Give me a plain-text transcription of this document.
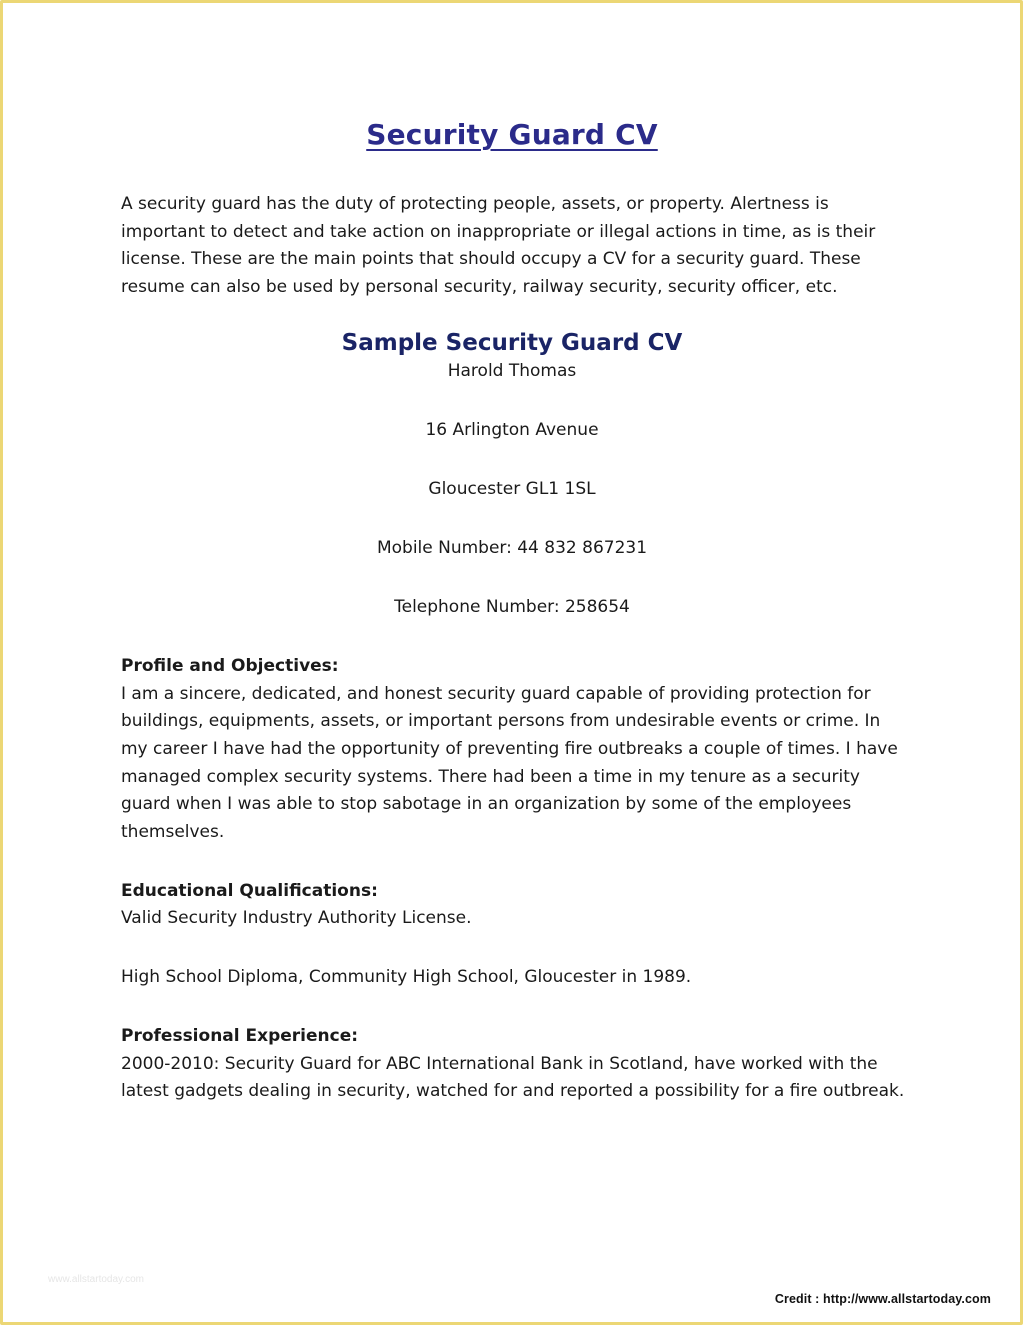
Security Guard CV

A security guard has the duty of protecting people, assets, or property. Alertness is important to detect and take action on inappropriate or illegal actions in time, as is their license. These are the main points that should occupy a CV for a security guard. These resume can also be used by personal security, railway security, security officer, etc.

Sample Security Guard CV
Harold Thomas
16 Arlington Avenue
Gloucester GL1 1SL
Mobile Number: 44 832 867231
Telephone Number: 258654

Profile and Objectives:

I am a sincere, dedicated, and honest security guard capable of providing protection for buildings, equipments, assets, or important persons from undesirable events or crime. In my career I have had the opportunity of preventing fire outbreaks a couple of times. I have managed complex security systems. There had been a time in my tenure as a security guard when I was able to stop sabotage in an organization by some of the employees themselves.

Educational Qualifications:

Valid Security Industry Authority License.

High School Diploma, Community High School, Gloucester in 1989.

Professional Experience:

2000-2010: Security Guard for ABC International Bank in Scotland, have worked with the latest gadgets dealing in security, watched for and reported a possibility for a fire outbreak.

www.allstartoday.com
Credit : http://www.allstartoday.com
